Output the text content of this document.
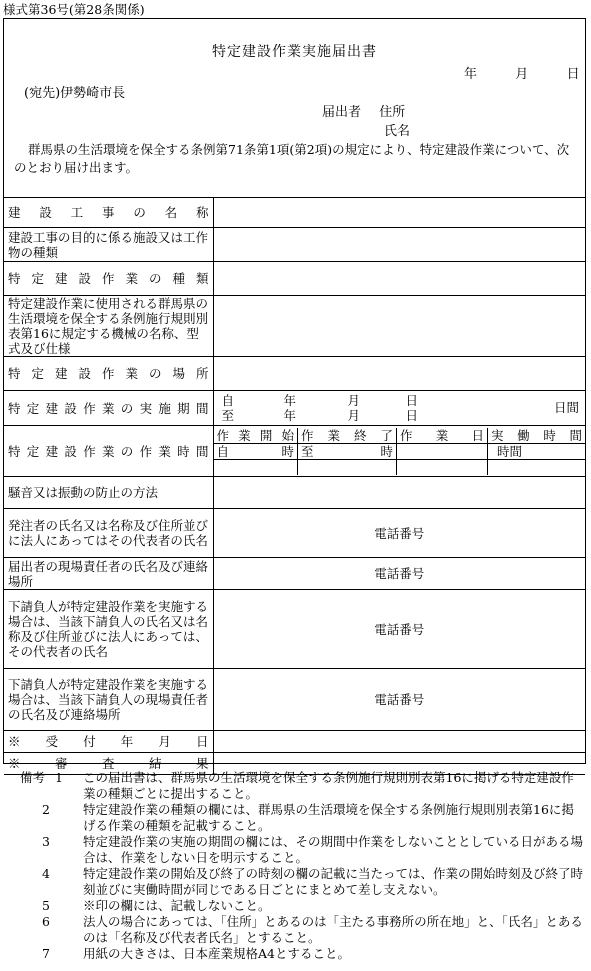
様式第36号(第28条関係)
特定建設作業実施届出書
年	月	日
(宛先)伊勢崎市長
届出者 住所
氏名
群馬県の生活環境を保全する条例第71条第1項(第2項)の規定により、特定建設作業について、次のとおり届け出ます。
建設工事の名称	
建設工事の目的に係る施設又は工作物の種類	
特定建設作業の種類	
特定建設作業に使用される群馬県の生活環境を保全する条例施行規則別表第16に規定する機械の名称、型式及び仕様	
特定建設作業の場所	
特定建設作業の実施期間	自	年	月	日
至	年	月	日
日間

特定建設作業の作業時間	
作業開始	作業終了	作業日	実働時間
自	時	至	時		時間

騒音又は振動の防止の方法	
発注者の氏名又は名称及び住所並びに法人にあってはその代表者の氏名	電話番号
届出者の現場責任者の氏名及び連絡場所	電話番号
下請負人が特定建設作業を実施する場合は、当該下請負人の氏名又は名称及び住所並びに法人にあっては、その代表者の氏名	電話番号
下請負人が特定建設作業を実施する場合は、当該下請負人の現場責任者の氏名及び連絡場所	電話番号
※受付年月日	
※審査結果	
備考 1 この届出書は、群馬県の生活環境を保全する条例施行規則別表第16に掲げる特定建設作業の種類ごとに提出すること。
2	特定建設作業の種類の欄には、群馬県の生活環境を保全する条例施行規則別表第16に掲げる作業の種類を記載すること。
3	特定建設作業の実施の期間の欄には、その期間中作業をしないこととしている日がある場合は、作業をしない日を明示すること。
4	特定建設作業の開始及び終了の時刻の欄の記載に当たっては、作業の開始時刻及び終了時刻並びに実働時間が同じである日ごとにまとめて差し支えない。
5	※印の欄には、記載しないこと。
6	法人の場合にあっては、「住所」とあるのは「主たる事務所の所在地」と、「氏名」とあるのは「名称及び代表者氏名」とすること。
7	用紙の大きさは、日本産業規格A4とすること。
